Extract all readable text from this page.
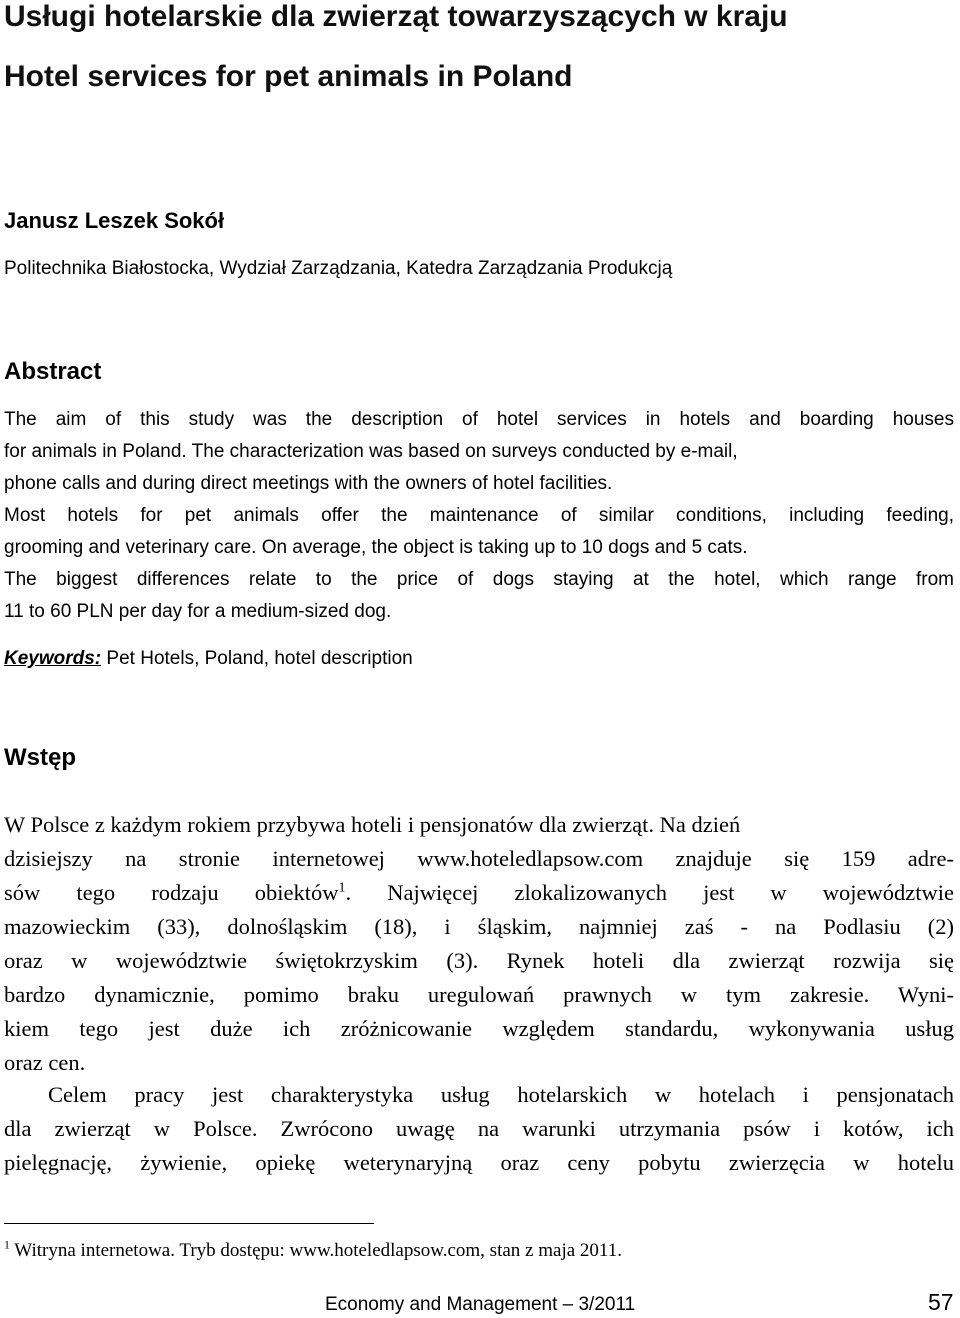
Usługi hotelarskie dla zwierząt towarzyszących w kraju
Hotel services for pet animals in Poland
Janusz Leszek Sokół
Politechnika Białostocka, Wydział Zarządzania, Katedra Zarządzania Produkcją
Abstract
The aim of this study was the description of hotel services in hotels and boarding houses
for animals in Poland. The characterization was based on surveys conducted by e-mail,
phone calls and during direct meetings with the owners of hotel facilities.
Most hotels for pet animals offer the maintenance of similar conditions, including feeding,
grooming and veterinary care. On average, the object is taking up to 10 dogs and 5 cats.
The biggest differences relate to the price of dogs staying at the hotel, which range from
11 to 60 PLN per day for a medium-sized dog.
Keywords: Pet Hotels, Poland, hotel description
Wstęp
W Polsce z każdym rokiem przybywa hoteli i pensjonatów dla zwierząt. Na dzień
dzisiejszy na stronie internetowej www.hoteledlapsow.com znajduje się 159 adre-
sów tego rodzaju obiektów$^1$. Najwięcej zlokalizowanych jest w województwie
mazowieckim (33), dolnośląskim (18), i śląskim, najmniej zaś - na Podlasiu (2)
oraz w województwie świętokrzyskim (3). Rynek hoteli dla zwierząt rozwija się
bardzo dynamicznie, pomimo braku uregulowań prawnych w tym zakresie. Wyni-
kiem tego jest duże ich zróżnicowanie względem standardu, wykonywania usług
oraz cen.
Celem pracy jest charakterystyka usług hotelarskich w hotelach i pensjonatach
dla zwierząt w Polsce. Zwrócono uwagę na warunki utrzymania psów i kotów, ich
pielęgnację, żywienie, opiekę weterynaryjną oraz ceny pobytu zwierzęcia w hotelu
$^1$ Witryna internetowa. Tryb dostępu: www.hoteledlapsow.com, stan z maja 2011.
Economy and Management – 3/2011	57
